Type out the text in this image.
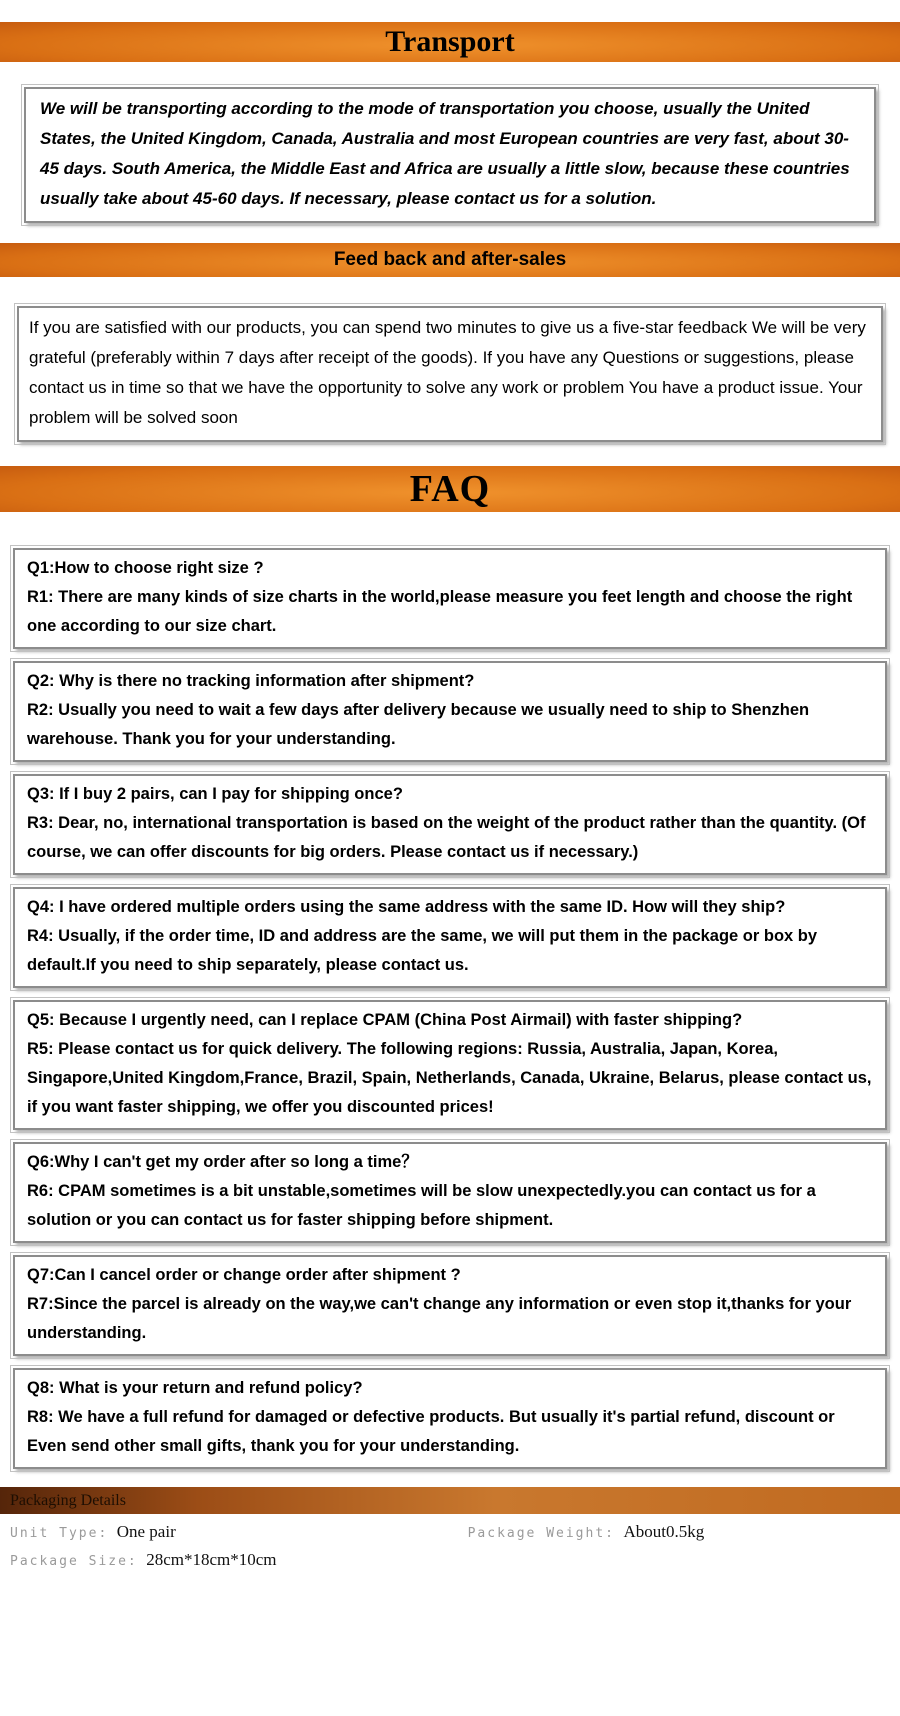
Transport

We will be transporting according to the mode of transportation you choose, usually the United States, the United Kingdom, Canada, Australia and most European countries are very fast, about 30-45 days. South America, the Middle East and Africa are usually a little slow, because these countries usually take about 45-60 days. If necessary, please contact us for a solution.

Feed back and after-sales

If you are satisfied with our products, you can spend two minutes to give us a five-star feedback We will be very grateful (preferably within 7 days after receipt of the goods). If you have any Questions or suggestions, please contact us in time so that we have the opportunity to solve any work or problem You have a product issue. Your problem will be solved soon

FAQ

Q1:How to choose right size ?

R1: There are many kinds of size charts in the world,please measure you feet length and choose the right one according to our size chart.

Q2: Why is there no tracking information after shipment?

R2: Usually you need to wait a few days after delivery because we usually need to ship to Shenzhen warehouse. Thank you for your understanding.

Q3: If I buy 2 pairs, can I pay for shipping once?

R3: Dear, no, international transportation is based on the weight of the product rather than the quantity. (Of course, we can offer discounts for big orders. Please contact us if necessary.)

Q4: I have ordered multiple orders using the same address with the same ID. How will they ship?

R4: Usually, if the order time, ID and address are the same, we will put them in the package or box by default.If you need to ship separately, please contact us.

Q5: Because I urgently need, can I replace CPAM (China Post Airmail) with faster shipping?

R5: Please contact us for quick delivery. The following regions: Russia, Australia, Japan, Korea, Singapore,United Kingdom,France, Brazil, Spain, Netherlands, Canada, Ukraine, Belarus, please contact us, if you want faster shipping, we offer you discounted prices!

Q6:Why I can't get my order after so long a time？

R6: CPAM sometimes is a bit unstable,sometimes will be slow unexpectedly.you can contact us for a solution or you can contact us for faster shipping before shipment.

Q7:Can I cancel order or change order after shipment ?

R7:Since the parcel is already on the way,we can't change any information or even stop it,thanks for your understanding.

Q8: What is your return and refund policy?

R8: We have a full refund for damaged or defective products. But usually it's partial refund, discount or Even send other small gifts, thank you for your understanding.

Packaging Details
Unit Type: One pair	Package Weight: About0.5kg
Package Size: 28cm*18cm*10cm
